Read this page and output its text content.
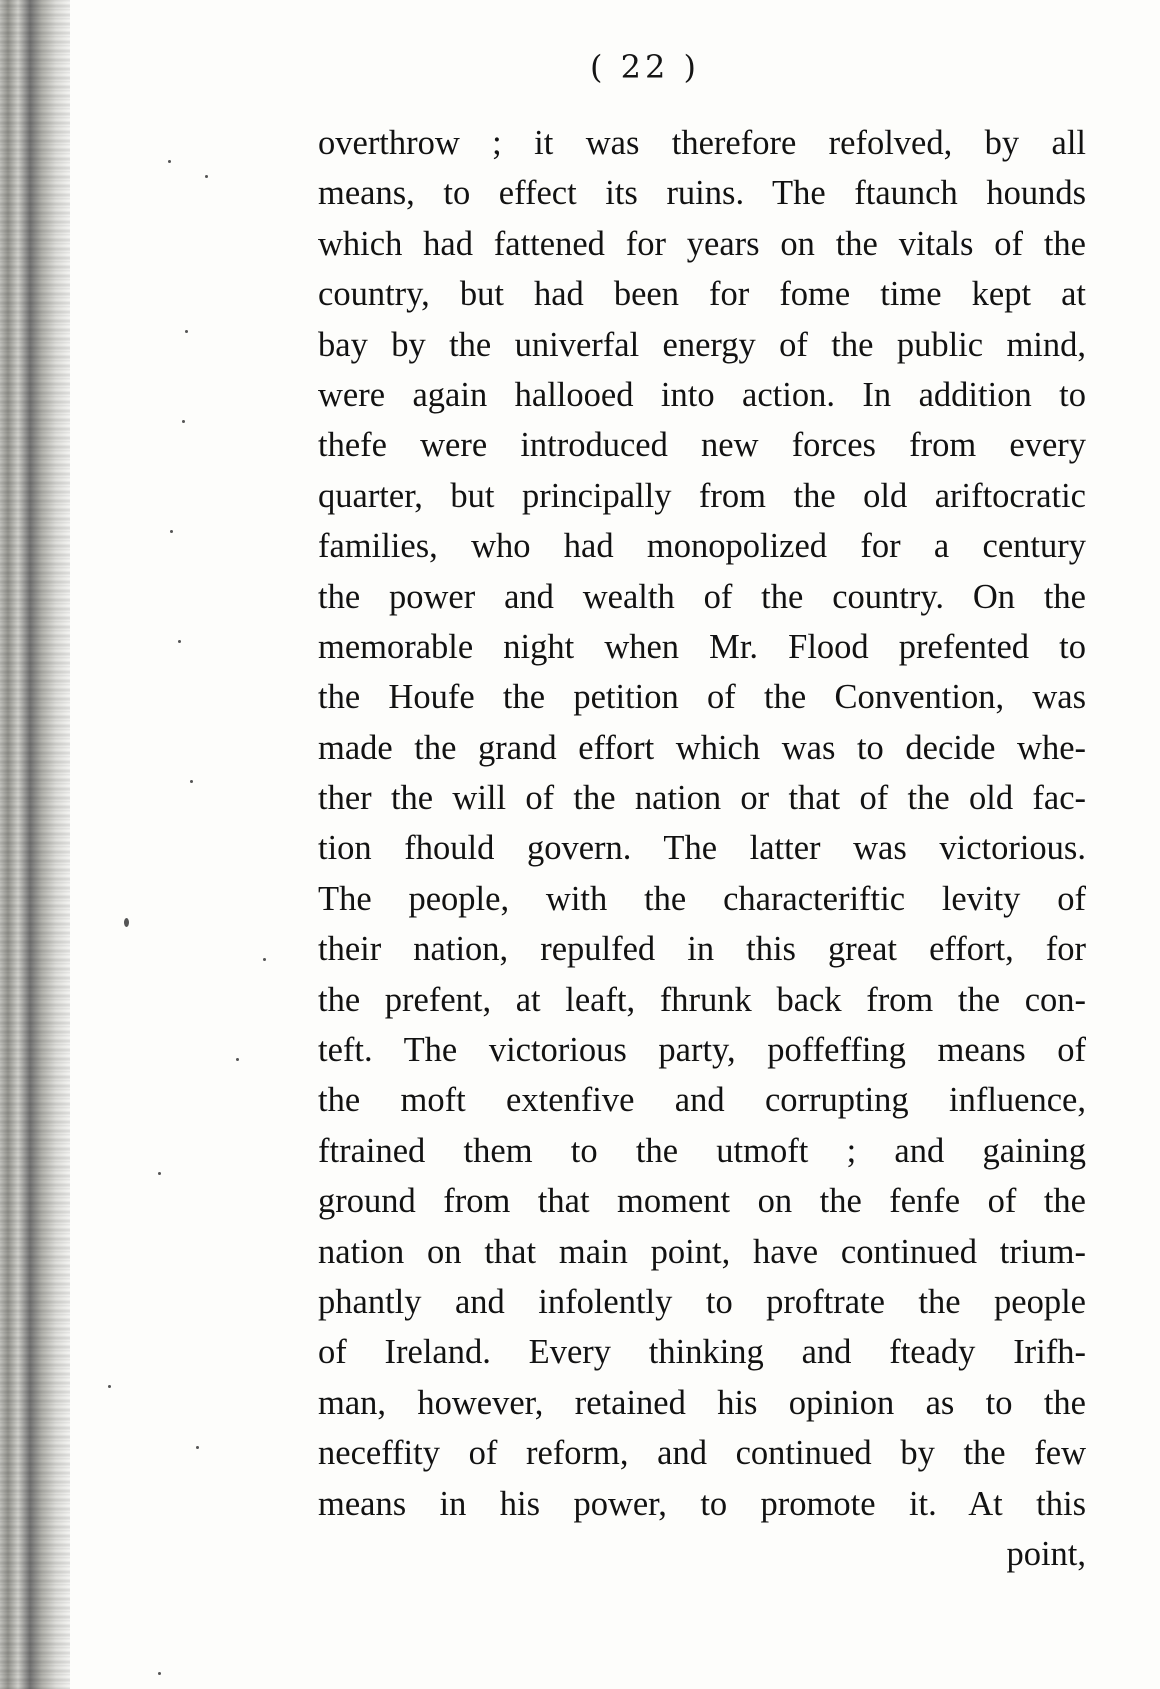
( 22 )
overthrow ; it was therefore refolved, by all
means, to effect its ruins. The ftaunch hounds
which had fattened for years on the vitals of the
country, but had been for fome time kept at
bay by the univerfal energy of the public mind,
were again hallooed into action. In addition to
thefe were introduced new forces from every
quarter, but principally from the old ariftocratic
families, who had monopolized for a century
the power and wealth of the country. On the
memorable night when Mr. Flood prefented to
the Houfe the petition of the Convention, was
made the grand effort which was to decide whe-
ther the will of the nation or that of the old fac-
tion fhould govern. The latter was victorious.
The people, with the characteriftic levity of
their nation, repulfed in this great effort, for
the prefent, at leaft, fhrunk back from the con-
teft. The victorious party, poffeffing means of
the moft extenfive and corrupting influence,
ftrained them to the utmoft ; and gaining
ground from that moment on the fenfe of the
nation on that main point, have continued trium-
phantly and infolently to proftrate the people
of Ireland. Every thinking and fteady Irifh-
man, however, retained his opinion as to the
neceffity of reform, and continued by the few
means in his power, to promote it. At this
point,
